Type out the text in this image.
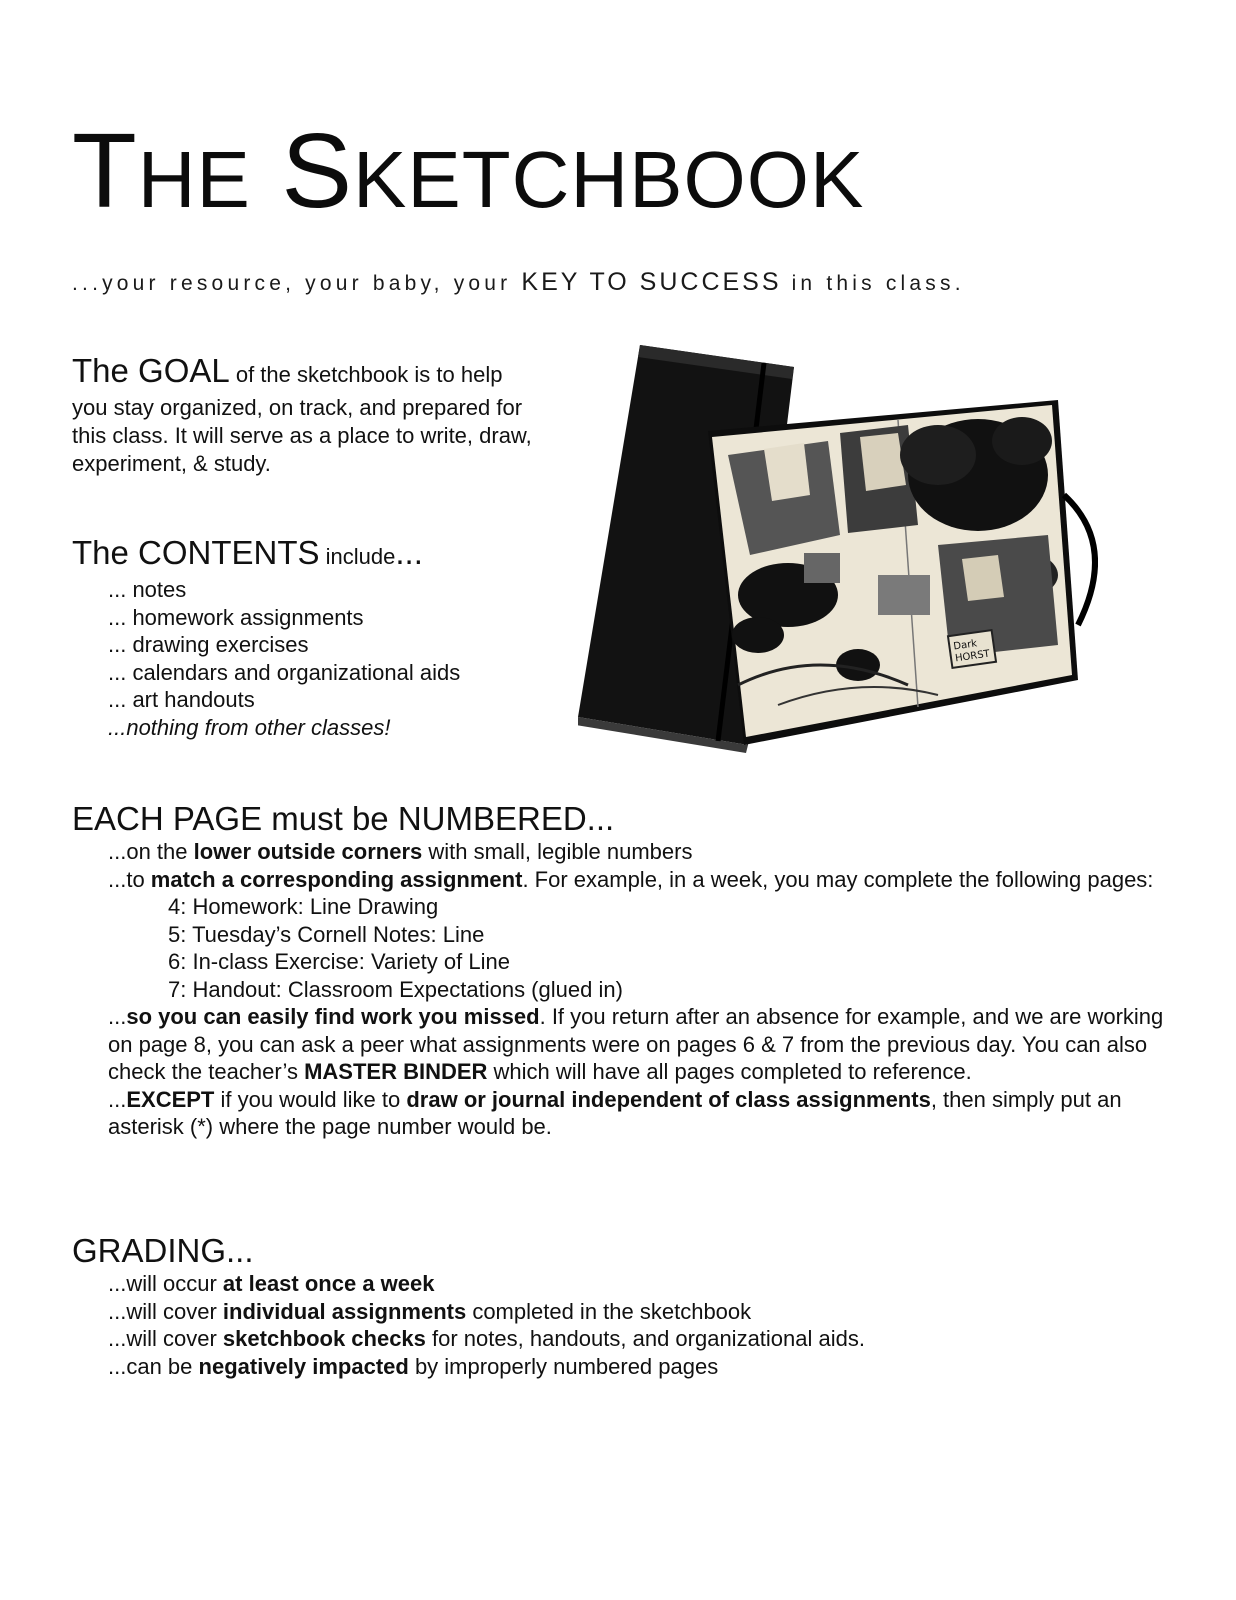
THE SKETCHBOOK

...your resource, your baby, your KEY TO SUCCESS in this class.

The GOAL of the sketchbook is to help
you stay organized, on track, and prepared for this class. It will serve as a place to write, draw, experiment, & study.
The CONTENTS include...
... notes
... homework assignments
... drawing exercises
... calendars and organizational aids
... art handouts
...nothing from other classes!
Dark
HORST
EACH PAGE must be NUMBERED...
...on the lower outside corners with small, legible numbers
...to match a corresponding assignment. For example, in a week, you may complete the following pages:
4: Homework: Line Drawing
5: Tuesday’s Cornell Notes: Line
6: In-class Exercise: Variety of Line
7: Handout: Classroom Expectations (glued in)
...so you can easily find work you missed. If you return after an absence for example, and we are working on page 8, you can ask a peer what assignments were on pages 6 & 7 from the previous day. You can also check the teacher’s MASTER BINDER which will have all pages completed to reference.
...EXCEPT if you would like to draw or journal independent of class assignments, then simply put an asterisk (*) where the page number would be.
GRADING...
...will occur at least once a week
...will cover individual assignments completed in the sketchbook
...will cover sketchbook checks for notes, handouts, and organizational aids.
...can be negatively impacted by improperly numbered pages
